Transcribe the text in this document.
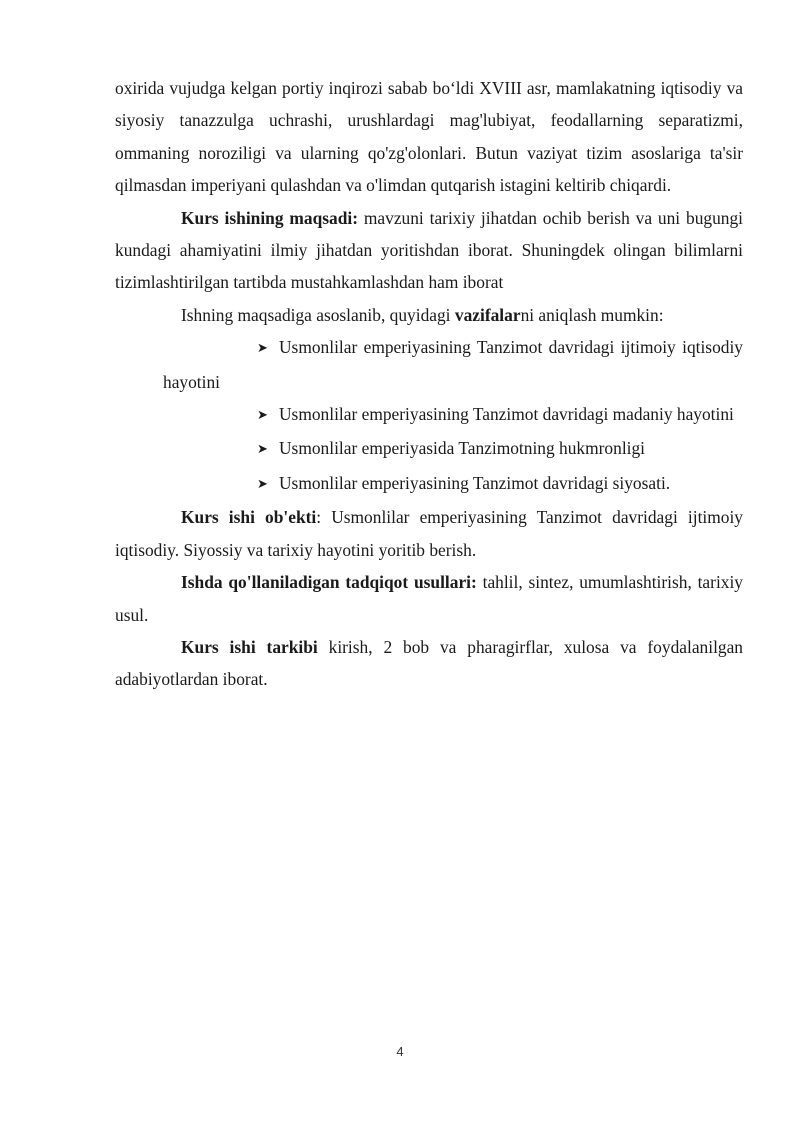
oxirida vujudga kelgan portiy inqirozi sabab bo‘ldi XVIII asr, mamlakatning iqtisodiy va siyosiy tanazzulga uchrashi, urushlardagi mag'lubiyat, feodallarning separatizmi, ommaning noroziligi va ularning qo'zg'olonlari. Butun vaziyat tizim asoslariga ta'sir qilmasdan imperiyani qulashdan va o'limdan qutqarish istagini keltirib chiqardi.

Kurs ishining maqsadi: mavzuni tarixiy jihatdan ochib berish va uni bugungi kundagi ahamiyatini ilmiy jihatdan yoritishdan iborat. Shuningdek olingan bilimlarni tizimlashtirilgan tartibda mustahkamlashdan ham iborat

Ishning maqsadiga asoslanib, quyidagi vazifalarni aniqlash mumkin:

➤ Usmonlilar emperiyasining Tanzimot davridagi ijtimoiy iqtisodiy hayotini

➤ Usmonlilar emperiyasining Tanzimot davridagi madaniy hayotini

➤ Usmonlilar emperiyasida Tanzimotning hukmronligi

➤ Usmonlilar emperiyasining Tanzimot davridagi siyosati.

Kurs ishi ob'ekti: Usmonlilar emperiyasining Tanzimot davridagi ijtimoiy iqtisodiy. Siyossiy va tarixiy hayotini yoritib berish.

Ishda qo'llaniladigan tadqiqot usullari: tahlil, sintez, umumlashtirish, tarixiy usul.

Kurs ishi tarkibi kirish, 2 bob va pharagirflar, xulosa va foydalanilgan adabiyotlardan iborat.

4
